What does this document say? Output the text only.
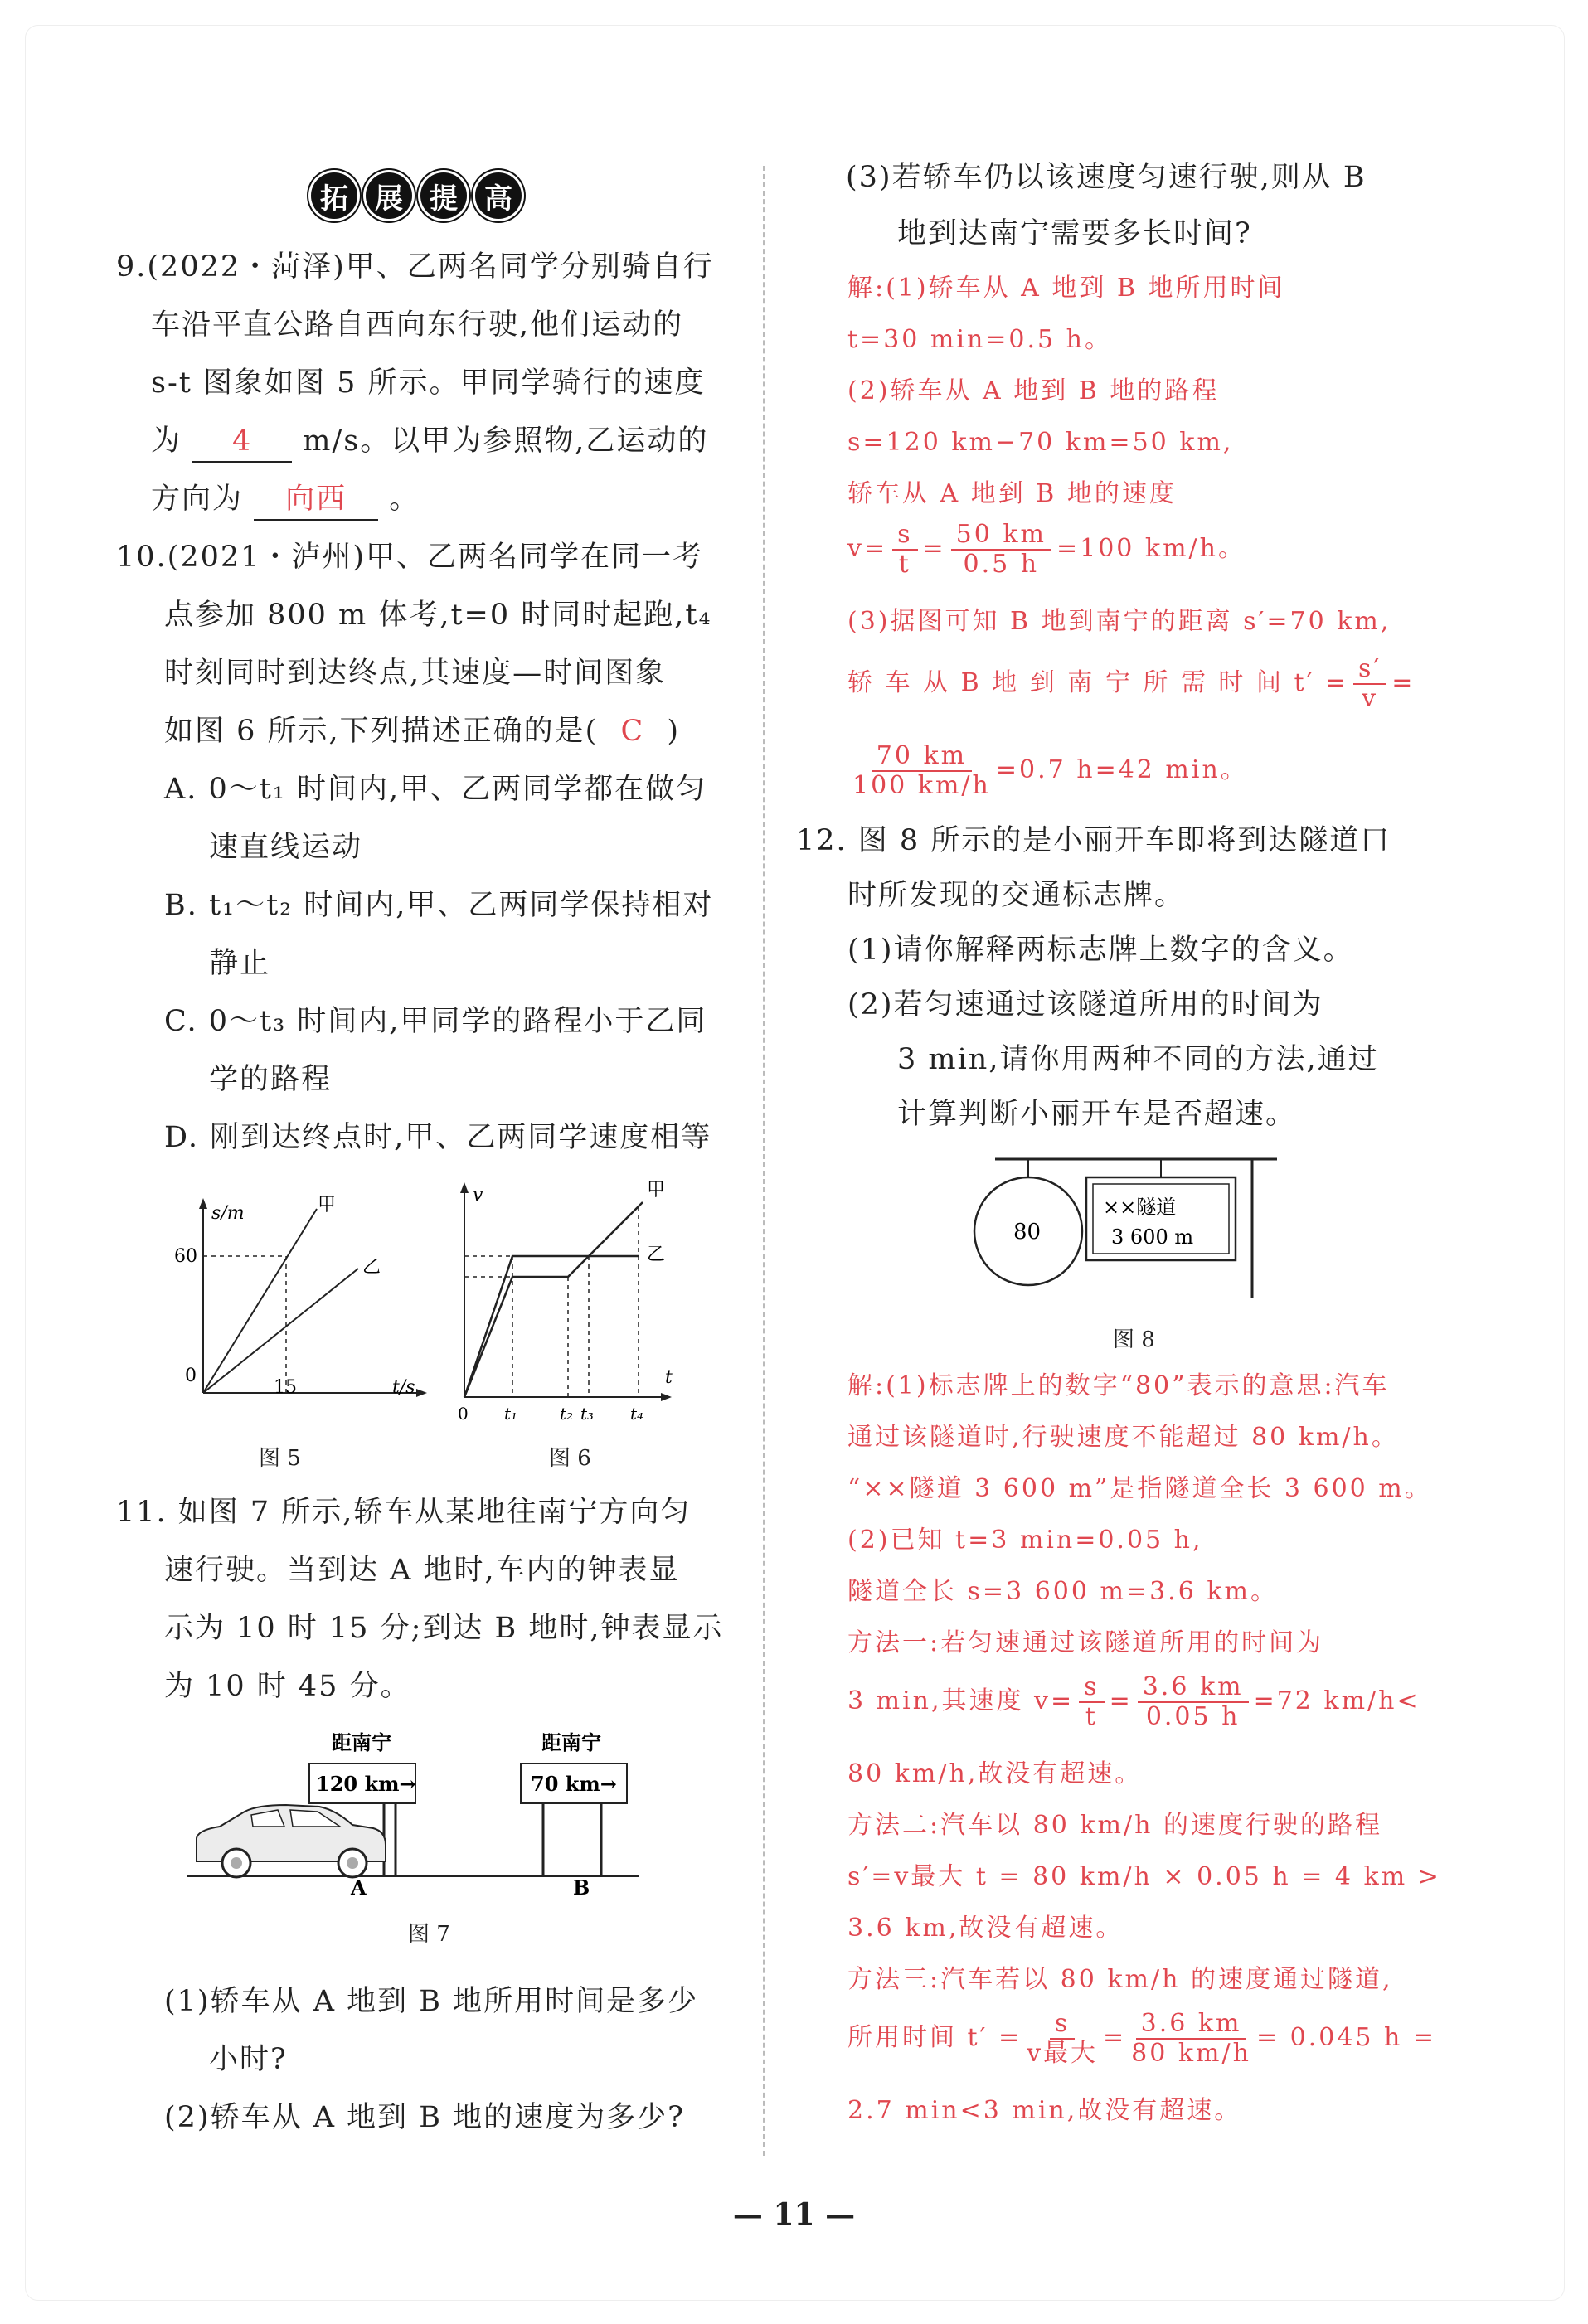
拓 展 提 高
9.(2022・菏泽)甲、乙两名同学分别骑自行
车沿平直公路自西向东行驶,他们运动的
s-t 图象如图 5 所示。甲同学骑行的速度
为 4 m/s。以甲为参照物,乙运动的
方向为 向西 。
10.(2021・泸州)甲、乙两名同学在同一考
点参加 800 m 体考,t=0 时同时起跑,t₄
时刻同时到达终点,其速度—时间图象
如图 6 所示,下列描述正确的是( C )
A. 0～t₁ 时间内,甲、乙两同学都在做匀
速直线运动
B. t₁～t₂ 时间内,甲、乙两同学保持相对
静止
C. 0～t₃ 时间内,甲同学的路程小于乙同
学的路程
D. 刚到达终点时,甲、乙两同学速度相等
s/m
t/s
60
0
15
甲
乙
图 5
v
t
0 t₁	t₂ t₃ t₄
甲
乙
图 6
11. 如图 7 所示,轿车从某地往南宁方向匀
速行驶。当到达 A 地时,车内的钟表显
示为 10 时 15 分;到达 B 地时,钟表显示
为 10 时 45 分。
距南宁
120 km→
距南宁
70 km→
A	B
图 7
(1)轿车从 A 地到 B 地所用时间是多少
小时?
(2)轿车从 A 地到 B 地的速度为多少?
(3)若轿车仍以该速度匀速行驶,则从 B
地到达南宁需要多长时间?
解:(1)轿车从 A 地到 B 地所用时间
t=30 min=0.5 h。
(2)轿车从 A 地到 B 地的路程
s=120 km−70 km=50 km,
轿车从 A 地到 B 地的速度
$v= \frac{s}{t} = \frac{50 km}{0.5 h} =100$ km/h。
(3)据图可知 B 地到南宁的距离 s′=70 km,
轿 车 从 B 地 到 南 宁 所 需 时 间 $t' = \frac{s'}{v}$ =
$\frac{70 km}{100 km/h} =0.7$ h=42 min。
12. 图 8 所示的是小丽开车即将到达隧道口
时所发现的交通标志牌。
(1)请你解释两标志牌上数字的含义。
(2)若匀速通过该隧道所用的时间为
3 min,请你用两种不同的方法,通过
计算判断小丽开车是否超速。
80
××隧道
3 600 m
图 8
解:(1)标志牌上的数字“80”表示的意思:汽车
通过该隧道时,行驶速度不能超过 80 km/h。
“××隧道 3 600 m”是指隧道全长 3 600 m。
(2)已知 t=3 min=0.05 h,
隧道全长 s=3 600 m=3.6 km。
方法一:若匀速通过该隧道所用的时间为
3 min,其速度 $v= \frac{s}{t} = \frac{3.6 km}{0.05 h} =72$ km/h<
80 km/h,故没有超速。
方法二:汽车以 80 km/h 的速度行驶的路程
s′=v最大 t = 80 km/h × 0.05 h = 4 km >
3.6 km,故没有超速。
方法三:汽车若以 80 km/h 的速度通过隧道,
所用时间 $t' = \frac{s}{\text{v最大}} = \frac{3.6 km}{80 km/h} = 0.045$ h =
2.7 min<3 min,故没有超速。
— 11 —
